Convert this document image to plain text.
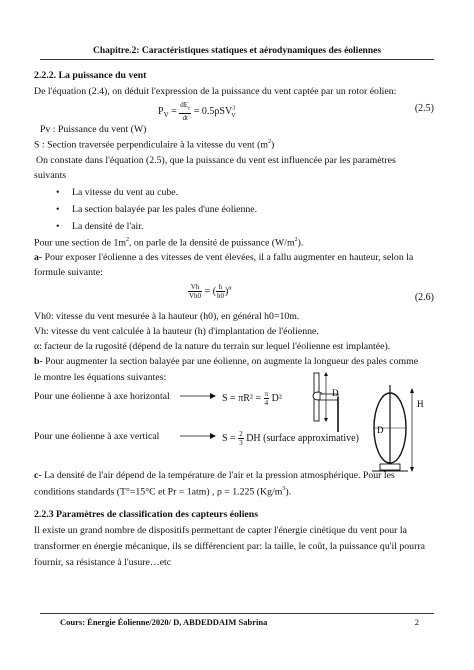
Chapitre.2: Caractéristiques statiques et aérodynamiques des éoliennes
2.2.2. La puissance du vent
De l'équation (2.4), on déduit l'expression de la puissance du vent captée par un rotor éolien:
$P_V = \frac{dE_c}{dt} = 0.5\rho SV^3_V$
(2.5)
Pv : Puissance du vent (W)
S : Section traversée perpendiculaire à la vitesse du vent $(m^2)$
On constate dans l'équation (2.5), que la puissance du vent est influencée par les paramètres
suivants
• La vitesse du vent au cube.
• La section balayée par les pales d'une éolienne.
• La densité de l'air.
Pour une section de $1m^2$, on parle de la densité de puissance $(W/m^2)$.
a- Pour exposer l'éolienne a des vitesses de vent élevées, il a fallu augmenter en hauteur, selon la
formule suivante:
$\frac{Vh}{Vh0}$ = ( $\frac{h}{h0} )^\alpha$
(2.6)
Vh0: vitesse du vent mesurée à la hauteur (h0), en général h0=10m.
Vh: vitesse du vent calculée à la hauteur (h) d'implantation de l'éolienne.
α: facteur de la rugosité (dépend de la nature du terrain sur lequel l'éolienne est implantée).
b- Pour augmenter la section balayée par une éolienne, on augmente la longueur des pales comme
le montre les équations suivantes:
Pour une éolienne à axe horizontal
Pour une éolienne à axe vertical
D
D
H
$S = \pi R^2 = \frac{\pi}{4} D^2$
$S = \frac{2}{3}$ DH (surface approximative)
c- La densité de l'air dépend de la température de l'air et la pression atmosphérique. Pour les
conditions standards (T°=15°C et Pr = 1atm) , ρ = 1.225 $(Kg/m^3)$.
2.2.3 Paramètres de classification des capteurs éoliens
Il existe un grand nombre de dispositifs permettant de capter l'énergie cinétique du vent pour la
transformer en énergie mécanique, ils se différencient par: la taille, le coût, la puissance qu'il pourra
fournir, sa résistance à l'usure…etc
Cours: Énergie Éolienne/2020/ D, ABDEDDAIM Sabrina	2
